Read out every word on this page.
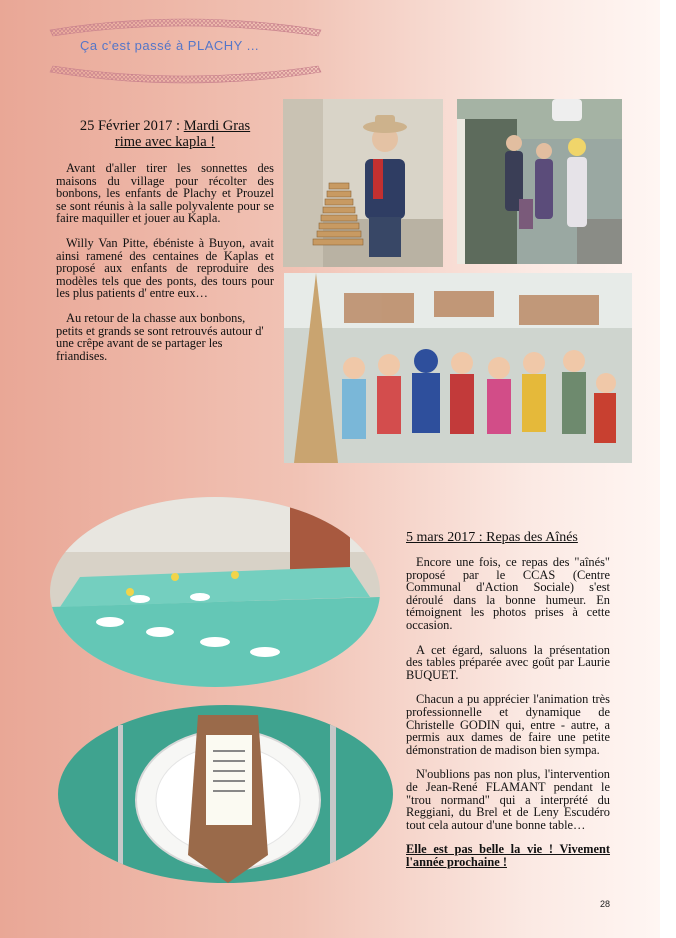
Ça c'est passé à PLACHY ...
25 Février 2017 : Mardi Gras
rime avec kapla !

Avant d'aller tirer les sonnettes des maisons du village pour récolter des bonbons, les enfants de Plachy et Prouzel se sont réunis à la salle polyvalente pour se faire maquiller et jouer au Kapla.

Willy Van Pitte, ébéniste à Buyon, avait ainsi ramené des centaines de Kaplas et proposé aux enfants de reproduire des modèles tels que des ponts, des tours pour les plus patients d' entre eux…

Au retour de la chasse aux bonbons, petits et grands se sont retrouvés autour d' une crêpe avant de se partager les friandises.

5 mars 2017 : Repas des Aînés

Encore une fois, ce repas des "aînés" proposé par le CCAS (Centre Communal d'Action Sociale) s'est déroulé dans la bonne humeur. En témoignent les photos prises à cette occasion.

A cet égard, saluons la présentation des tables préparée avec goût par Laurie BUQUET.

Chacun a pu apprécier l'animation très professionnelle et dynamique de Christelle GODIN qui, entre - autre, a permis aux dames de faire une petite démonstration de madison bien sympa.

N'oublions pas non plus, l'intervention de Jean-René FLAMANT pendant le "trou normand" qui a interprété du Reggiani, du Brel et de Leny Escudéro tout cela autour d'une bonne table…

Elle est pas belle la vie ! Vivement l'année prochaine !
28
